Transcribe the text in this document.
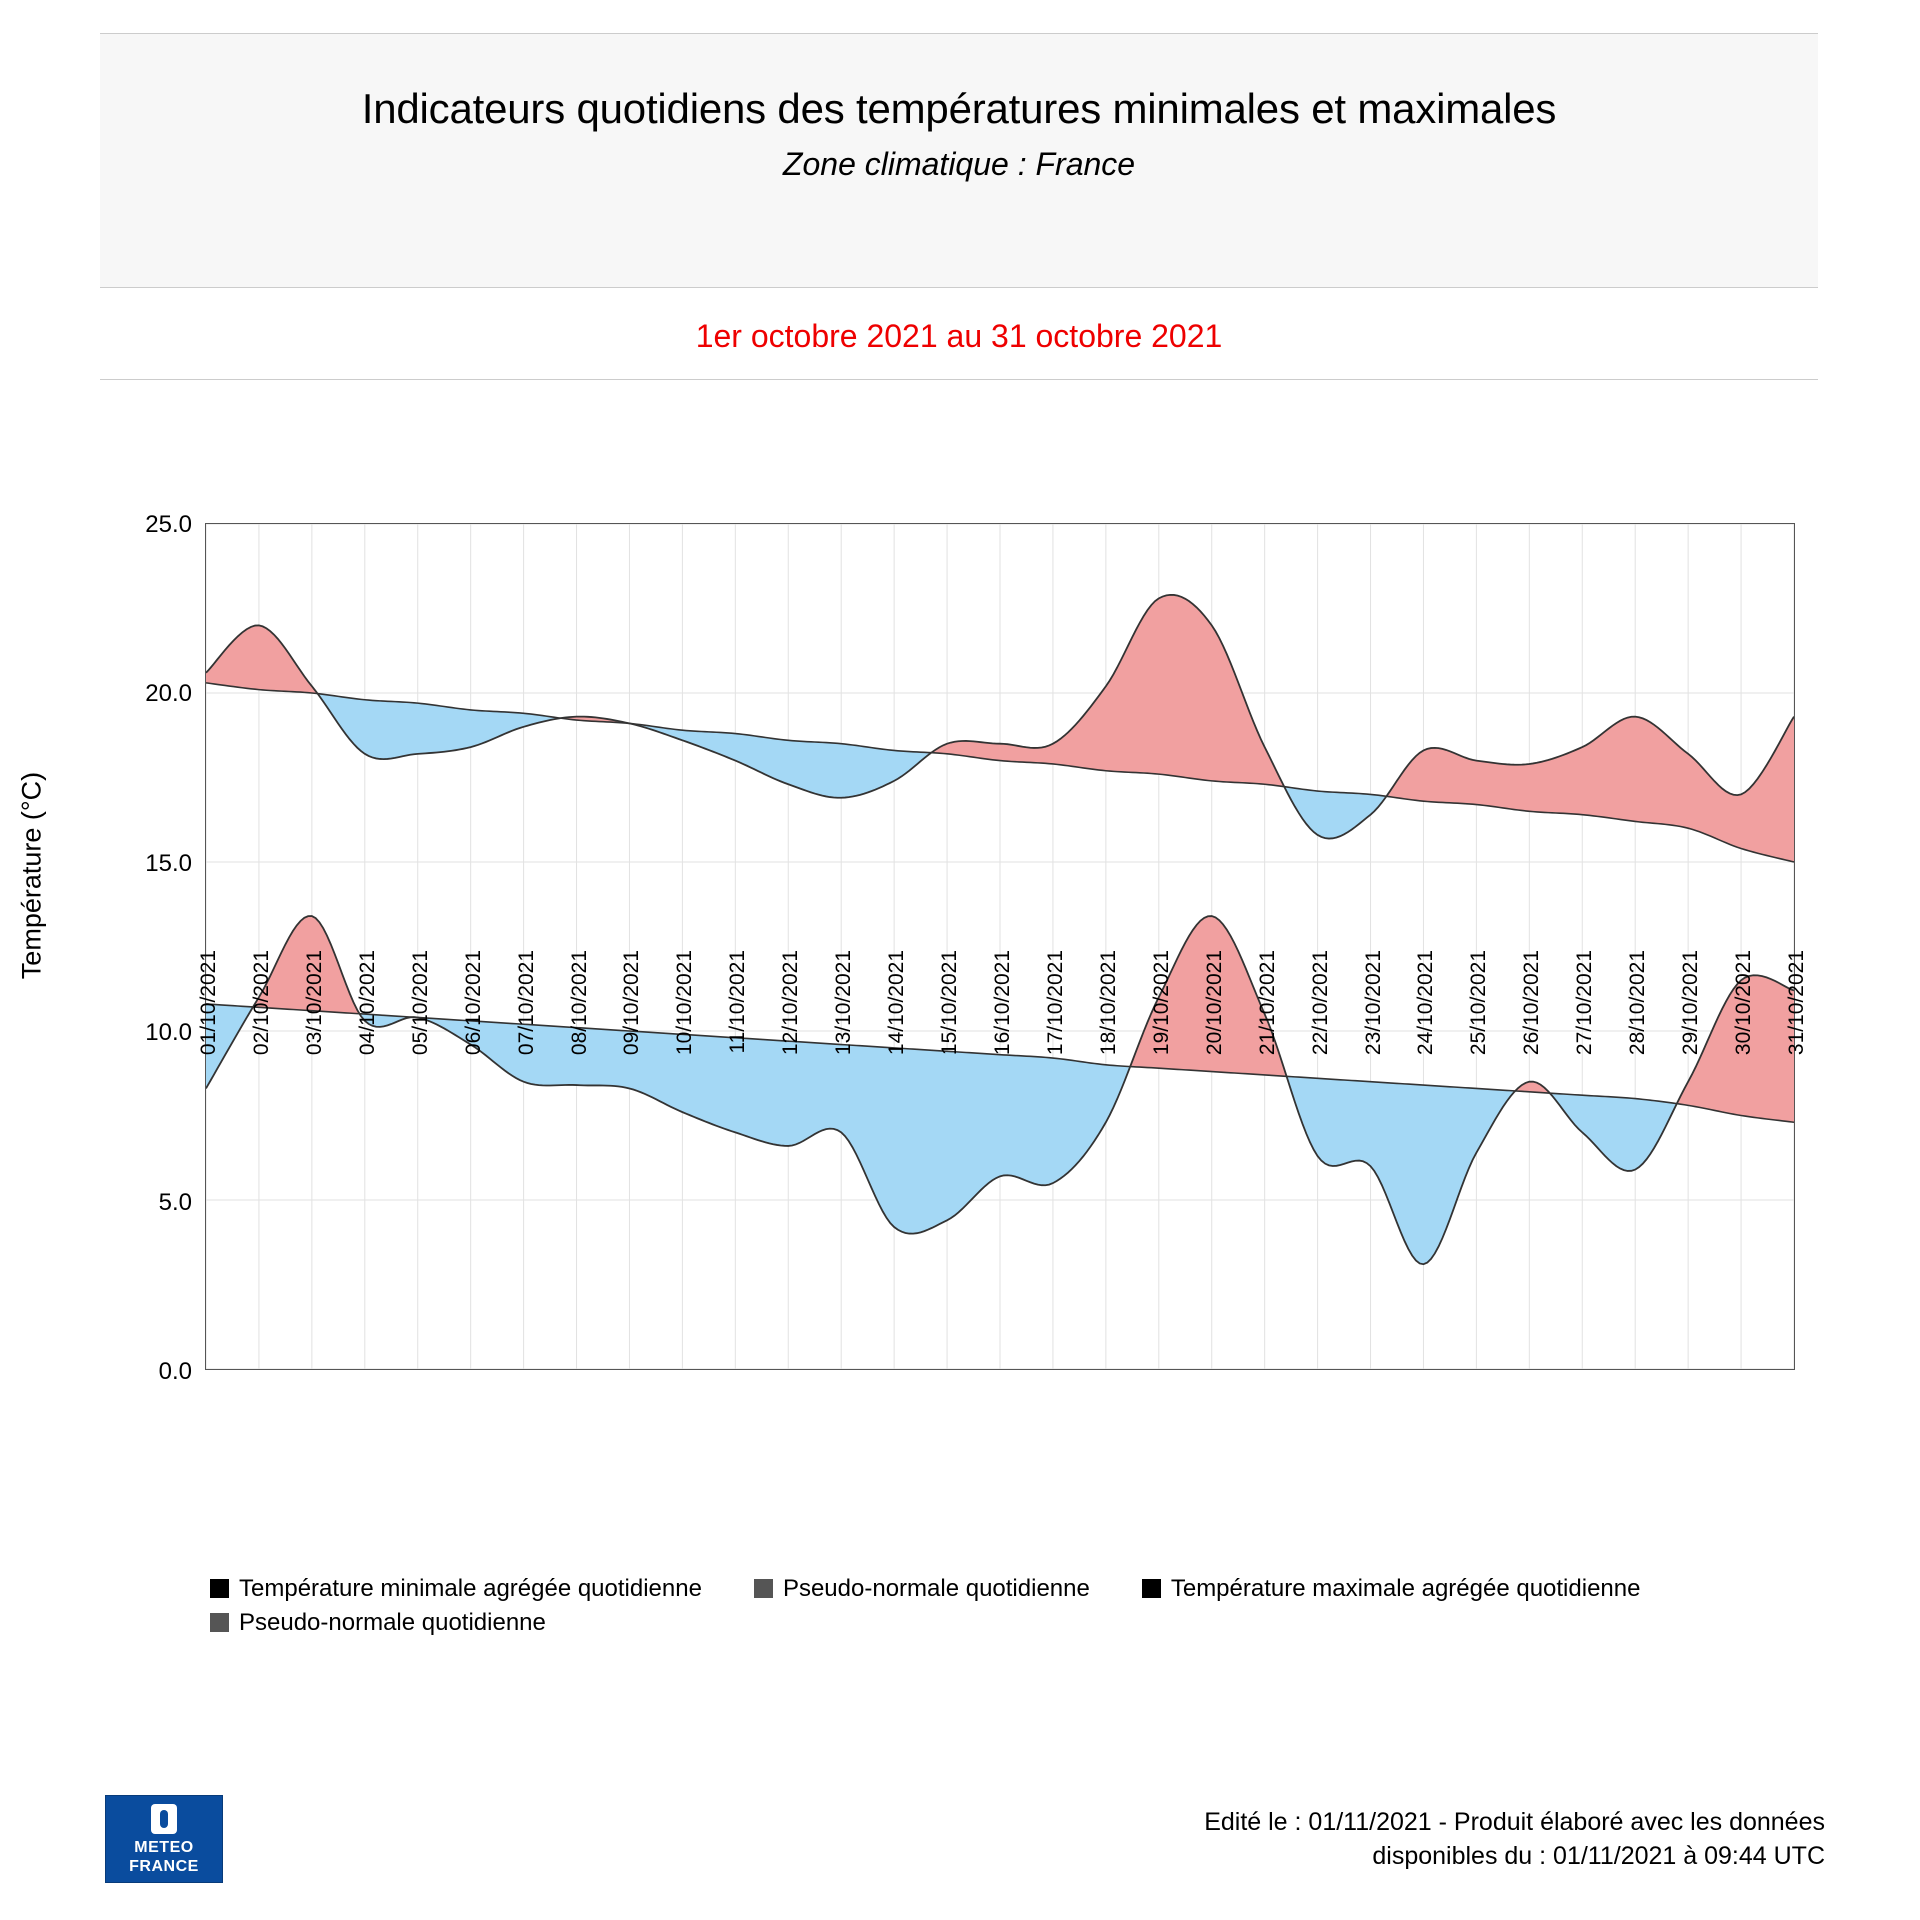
Indicateurs quotidiens des températures minimales et maximales
Zone climatique : France
1er octobre 2021 au 31 octobre 2021
Température (°C)
0.0
5.0
10.0
15.0
20.0
25.0
01/10/2021 02/10/2021 03/10/2021 04/10/2021 05/10/2021 06/10/2021 07/10/2021 08/10/2021 09/10/2021 10/10/2021 11/10/2021 12/10/2021 13/10/2021 14/10/2021 15/10/2021 16/10/2021 17/10/2021 18/10/2021 19/10/2021 20/10/2021 21/10/2021 22/10/2021 23/10/2021 24/10/2021 25/10/2021 26/10/2021 27/10/2021 28/10/2021 29/10/2021 30/10/2021 31/10/2021
Température minimale agrégée quotidienne	Pseudo-normale quotidienne	Température maximale agrégée quotidienne
Pseudo-normale quotidienne
METEO
FRANCE
Edité le : 01/11/2021 - Produit élaboré avec les données
disponibles du : 01/11/2021 à 09:44 UTC
